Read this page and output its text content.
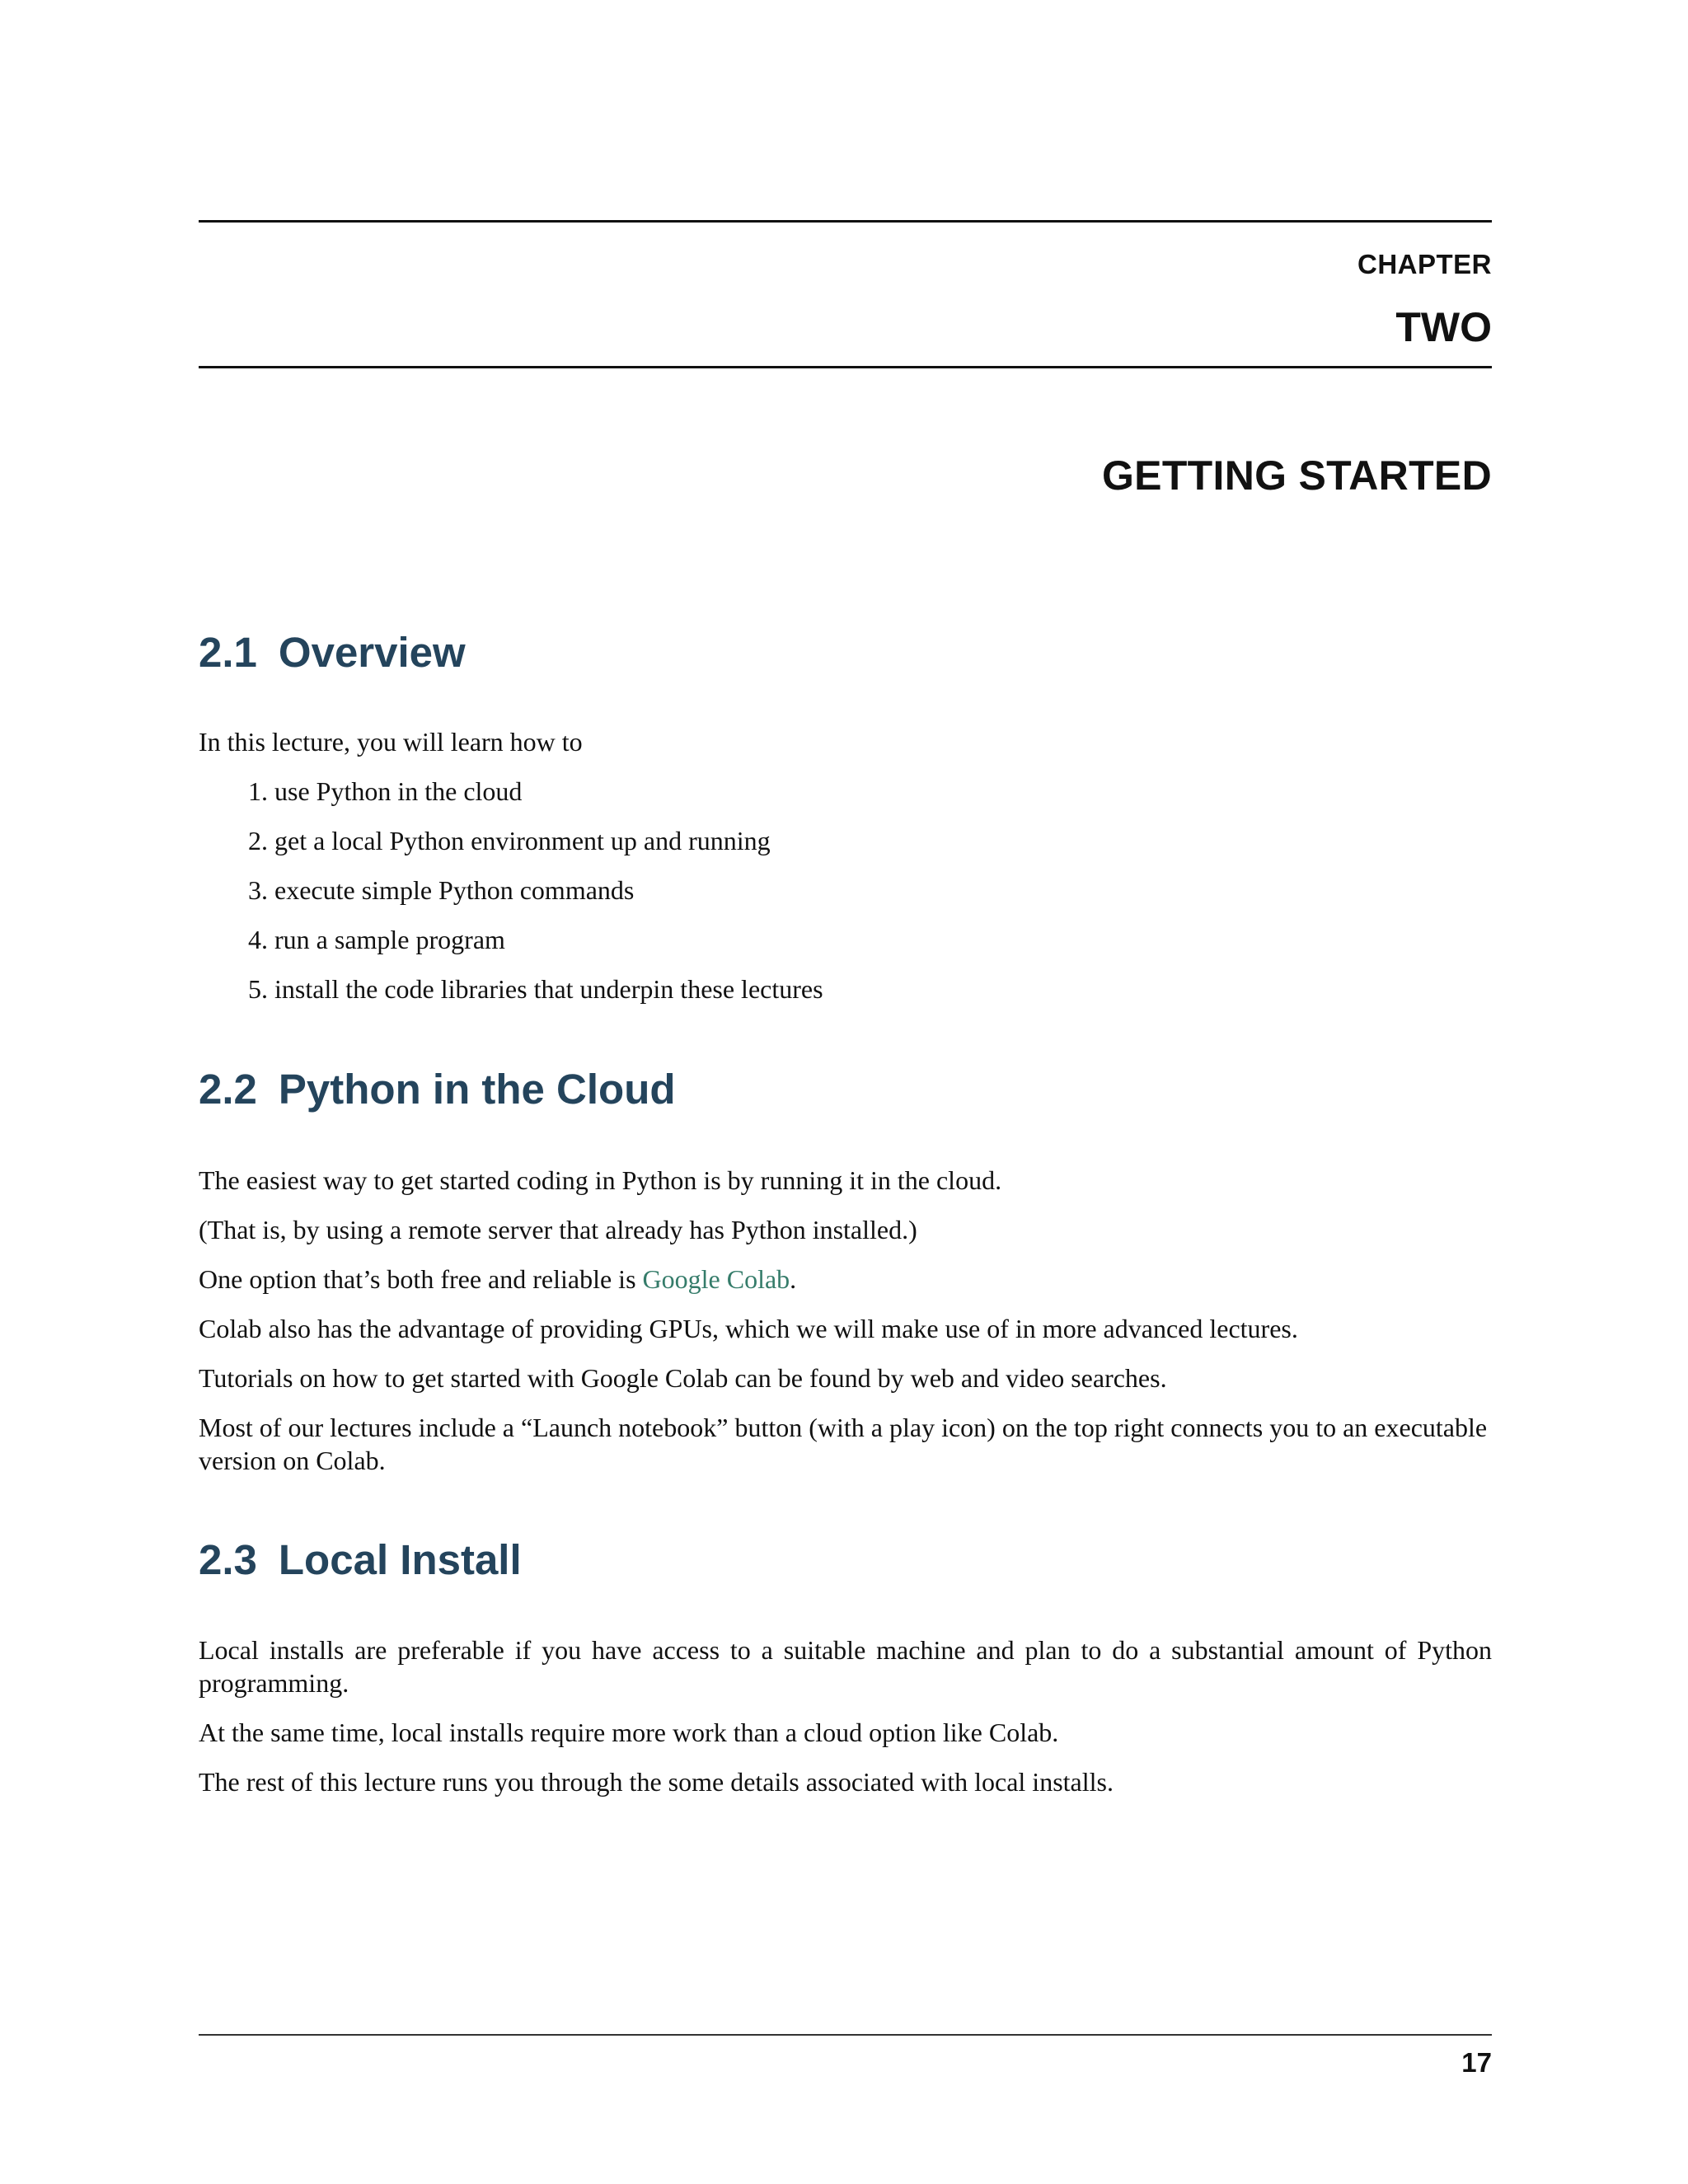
CHAPTER
TWO
GETTING STARTED
2.1 Overview

In this lecture, you will learn how to

1. use Python in the cloud
2. get a local Python environment up and running
3. execute simple Python commands
4. run a sample program
5. install the code libraries that underpin these lectures
2.2 Python in the Cloud

The easiest way to get started coding in Python is by running it in the cloud.

(That is, by using a remote server that already has Python installed.)

One option that’s both free and reliable is Google Colab.

Colab also has the advantage of providing GPUs, which we will make use of in more advanced lectures.

Tutorials on how to get started with Google Colab can be found by web and video searches.

Most of our lectures include a “Launch notebook” button (with a play icon) on the top right connects you to an executable version on Colab.

2.3 Local Install

Local installs are preferable if you have access to a suitable machine and plan to do a substantial amount of Python programming.

At the same time, local installs require more work than a cloud option like Colab.

The rest of this lecture runs you through the some details associated with local installs.

17
